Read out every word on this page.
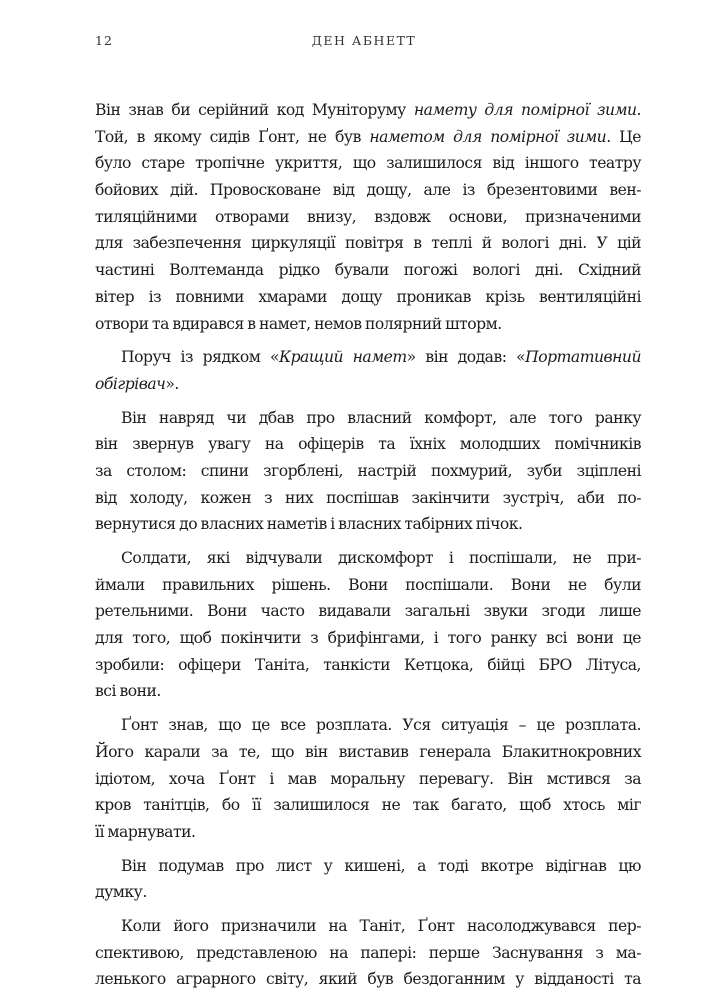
12	ДЕН АБНЕТТ
Він знав би серійний код Мунiторуму намету для помірної зими.
Той, в якому сидів Ґонт, не був наметом для помірної зими. Це
було старе тропічне укриття, що залишилося від іншого театру
бойових дій. Провосковане від дощу, але із брезентовими вен-
тиляційними отворами внизу, вздовж основи, призначеними
для забезпечення циркуляції повітря в теплі й вологі дні. У цій
частині Волтеманда рідко бували погожі вологі дні. Східний
вітер із повними хмарами дощу проникав крізь вентиляційні
отвори та вдирався в намет, немов полярний шторм.
Поруч із рядком «Кращий намет» він додав: «Портативний
обігрівач».
Він навряд чи дбав про власний комфорт, але того ранку
він звернув увагу на офіцерів та їхніх молодших помічників
за столом: спини згорблені, настрій похмурий, зуби зціплені
від холоду, кожен з них поспішав закінчити зустріч, аби по-
вернутися до власних наметів і власних табірних пічок.
Солдати, які відчували дискомфорт і поспішали, не при-
ймали правильних рішень. Вони поспішали. Вони не були
ретельними. Вони часто видавали загальні звуки згоди лише
для того, щоб покінчити з брифінгами, і того ранку всі вони це
зробили: офіцери Таніта, танкісти Кетцока, бійці БРО Лiтуса,
всі вони.
Ґонт знав, що це все розплата. Уся ситуація – це розплата.
Його карали за те, що він виставив генерала Блакитнокровних
ідіотом, хоча Ґонт і мав моральну перевагу. Він мстився за
кров танітців, бо її залишилося не так багато, щоб хтось міг
її марнувати.
Він подумав про лист у кишені, а тоді вкотре відігнав цю
думку.
Коли його призначили на Таніт, Ґонт насолоджувався пер-
спективою, представленою на папері: перше Заснування з ма-
ленького аграрного світу, який був бездоганним у відданості та
